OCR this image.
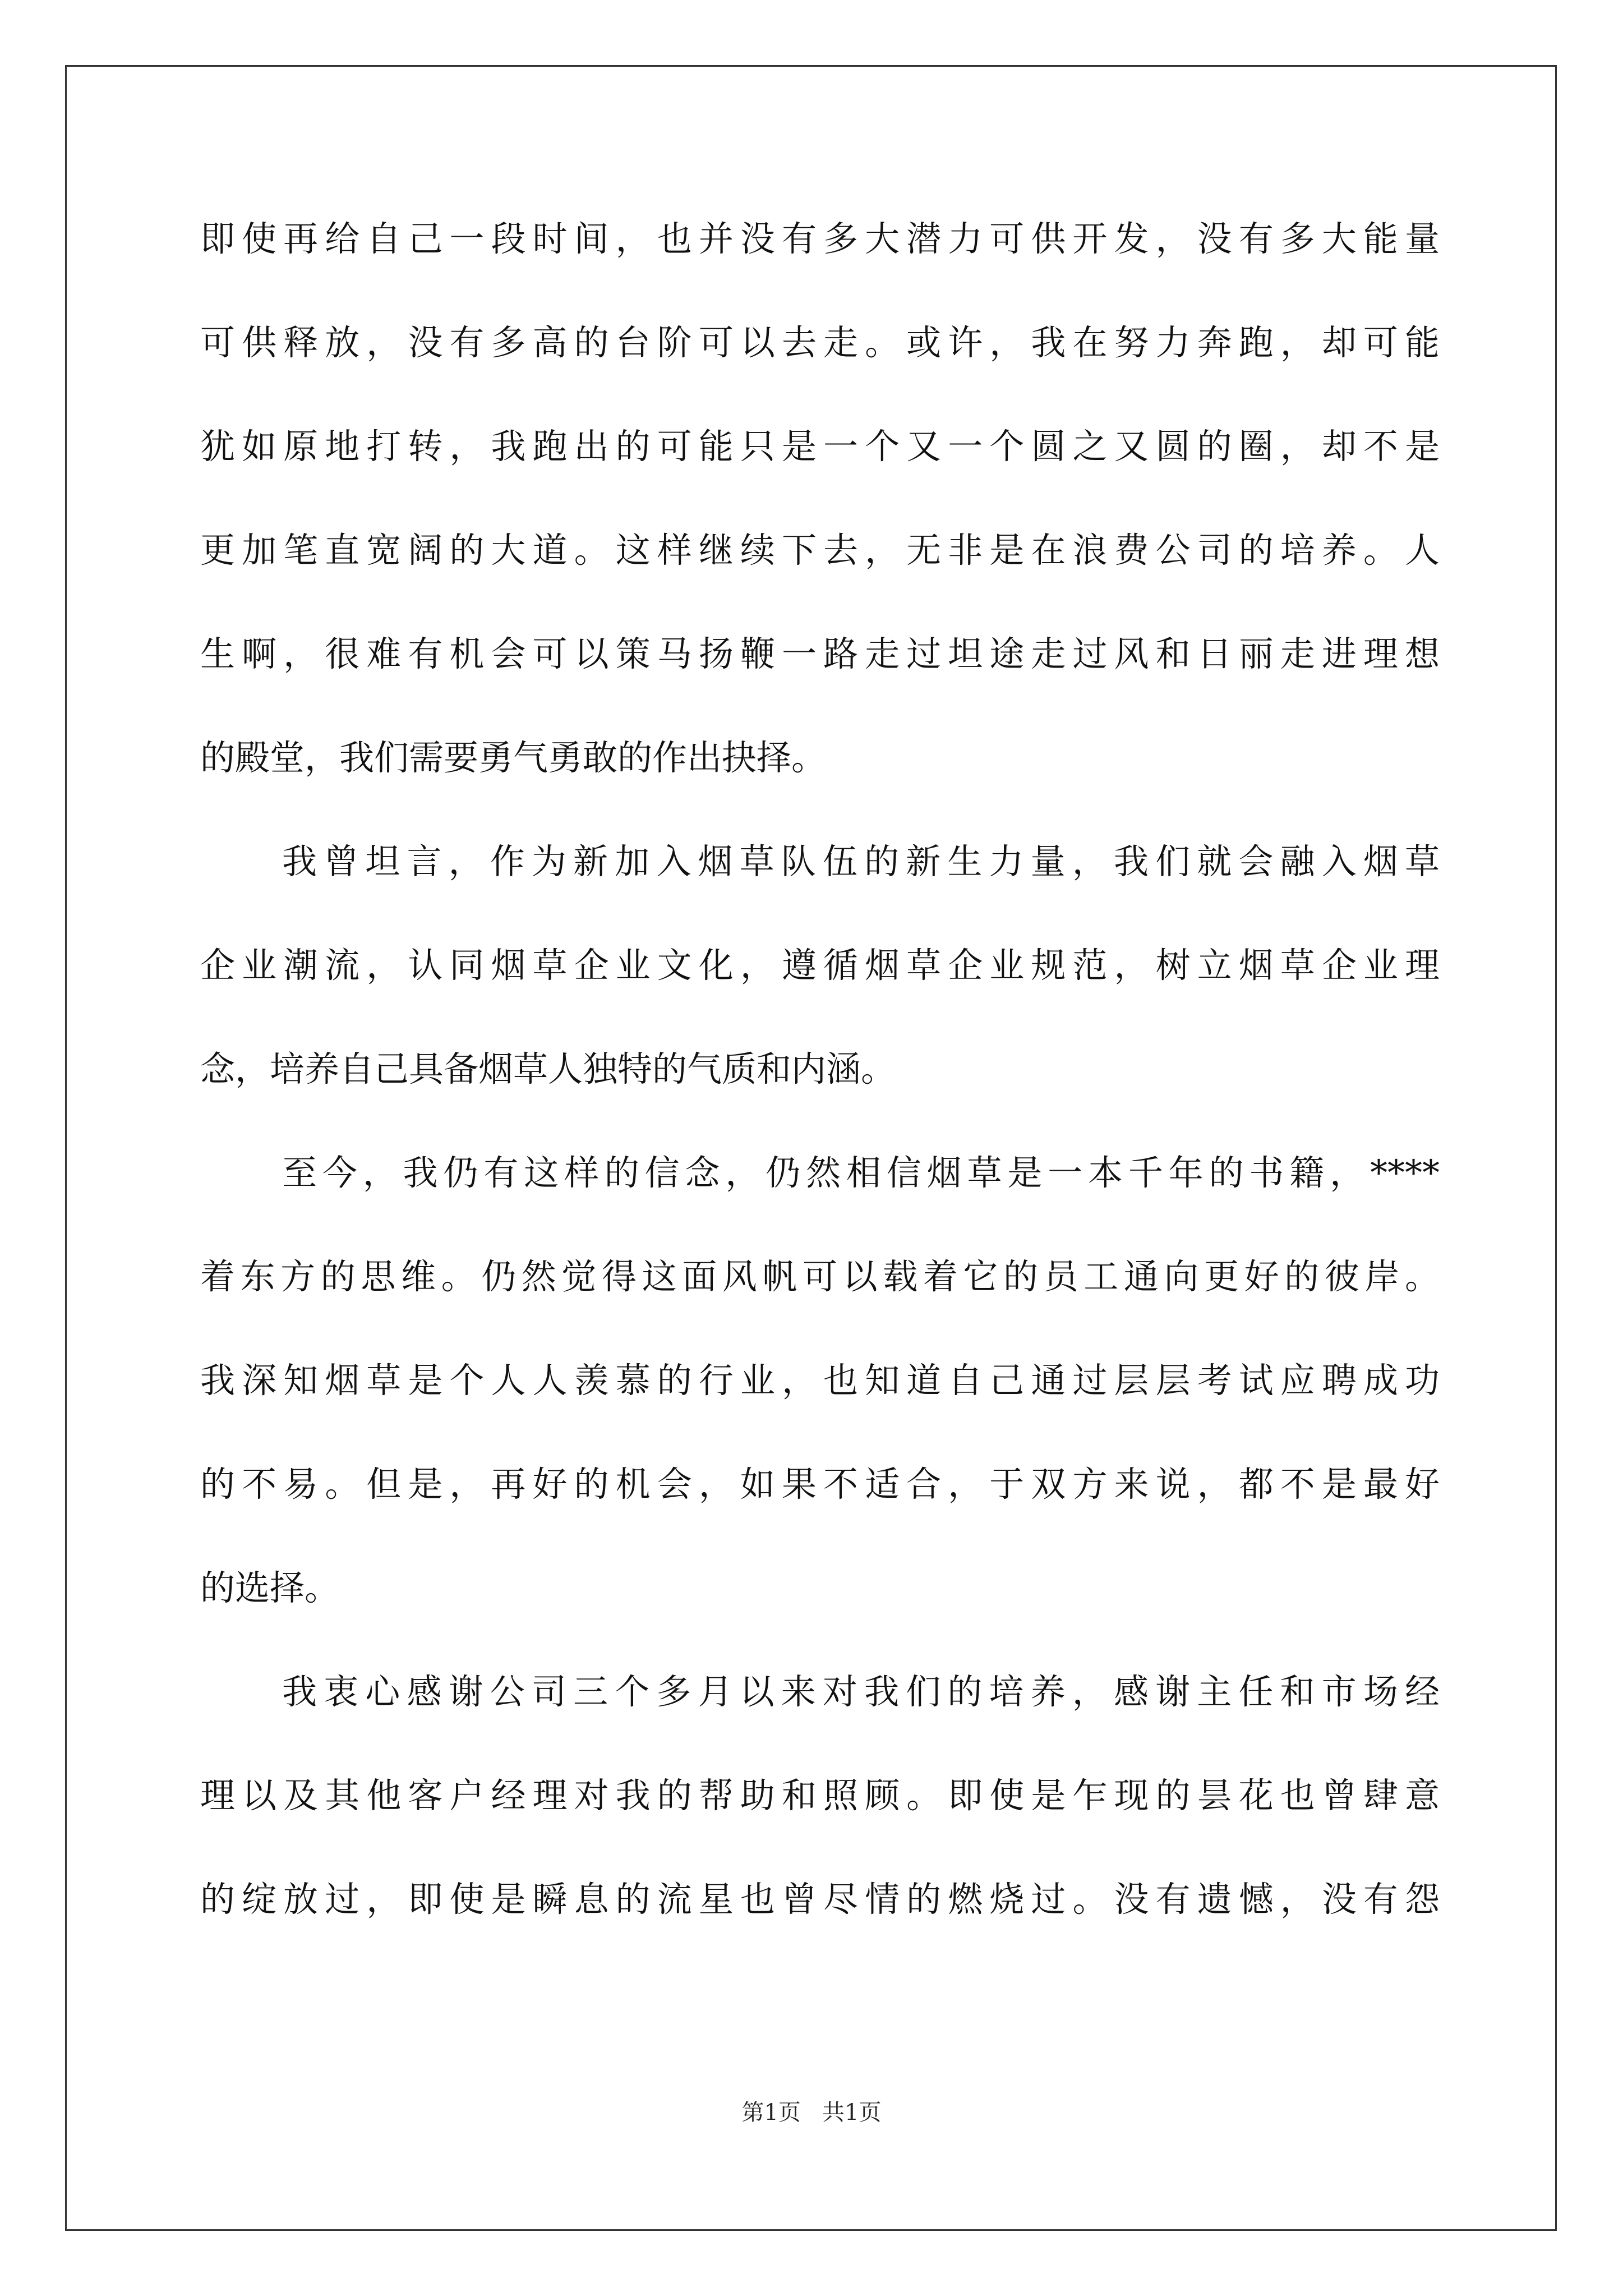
即使再给自己一段时间，也并没有多大潜力可供开发，没有多大能量
可供释放，没有多高的台阶可以去走。或许，我在努力奔跑，却可能
犹如原地打转，我跑出的可能只是一个又一个圆之又圆的圈，却不是
更加笔直宽阔的大道。这样继续下去，无非是在浪费公司的培养。人
生啊，很难有机会可以策马扬鞭一路走过坦途走过风和日丽走进理想
的殿堂，我们需要勇气勇敢的作出抉择。
我曾坦言，作为新加入烟草队伍的新生力量，我们就会融入烟草
企业潮流，认同烟草企业文化，遵循烟草企业规范，树立烟草企业理
念，培养自己具备烟草人独特的气质和内涵。
至今，我仍有这样的信念，仍然相信烟草是一本千年的书籍，****
着东方的思维。仍然觉得这面风帆可以载着它的员工通向更好的彼岸。
我深知烟草是个人人羡慕的行业，也知道自己通过层层考试应聘成功
的不易。但是，再好的机会，如果不适合，于双方来说，都不是最好
的选择。
我衷心感谢公司三个多月以来对我们的培养，感谢主任和市场经
理以及其他客户经理对我的帮助和照顾。即使是乍现的昙花也曾肆意
的绽放过，即使是瞬息的流星也曾尽情的燃烧过。没有遗憾，没有怨
第1页   共1页
